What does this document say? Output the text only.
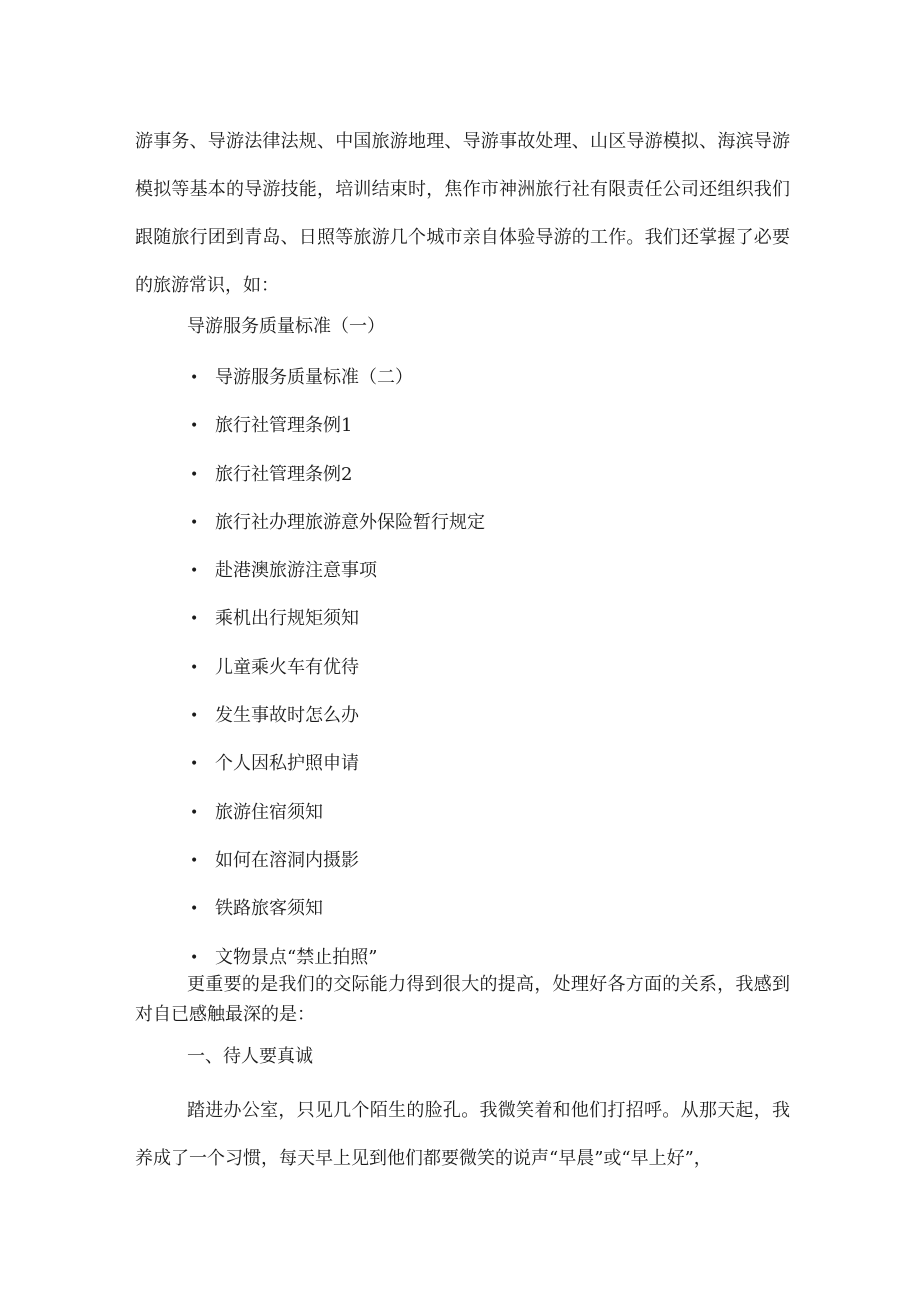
游事务、导游法律法规、中国旅游地理、导游事故处理、山区导游模拟、海滨导游模拟等基本的导游技能，培训结束时，焦作市神洲旅行社有限责任公司还组织我们跟随旅行团到青岛、日照等旅游几个城市亲自体验导游的工作。我们还掌握了必要的旅游常识，如：

导游服务质量标准（一）

• 导游服务质量标准（二）
• 旅行社管理条例1
• 旅行社管理条例2
• 旅行社办理旅游意外保险暂行规定
• 赴港澳旅游注意事项
• 乘机出行规矩须知
• 儿童乘火车有优待
• 发生事故时怎么办
• 个人因私护照申请
• 旅游住宿须知
• 如何在溶洞内摄影
• 铁路旅客须知
• 文物景点“禁止拍照”

更重要的是我们的交际能力得到很大的提高，处理好各方面的关系，我感到对自已感触最深的是：

一、待人要真诚

踏进办公室，只见几个陌生的脸孔。我微笑着和他们打招呼。从那天起，我养成了一个习惯，每天早上见到他们都要微笑的说声“早晨”或“早上好”，
